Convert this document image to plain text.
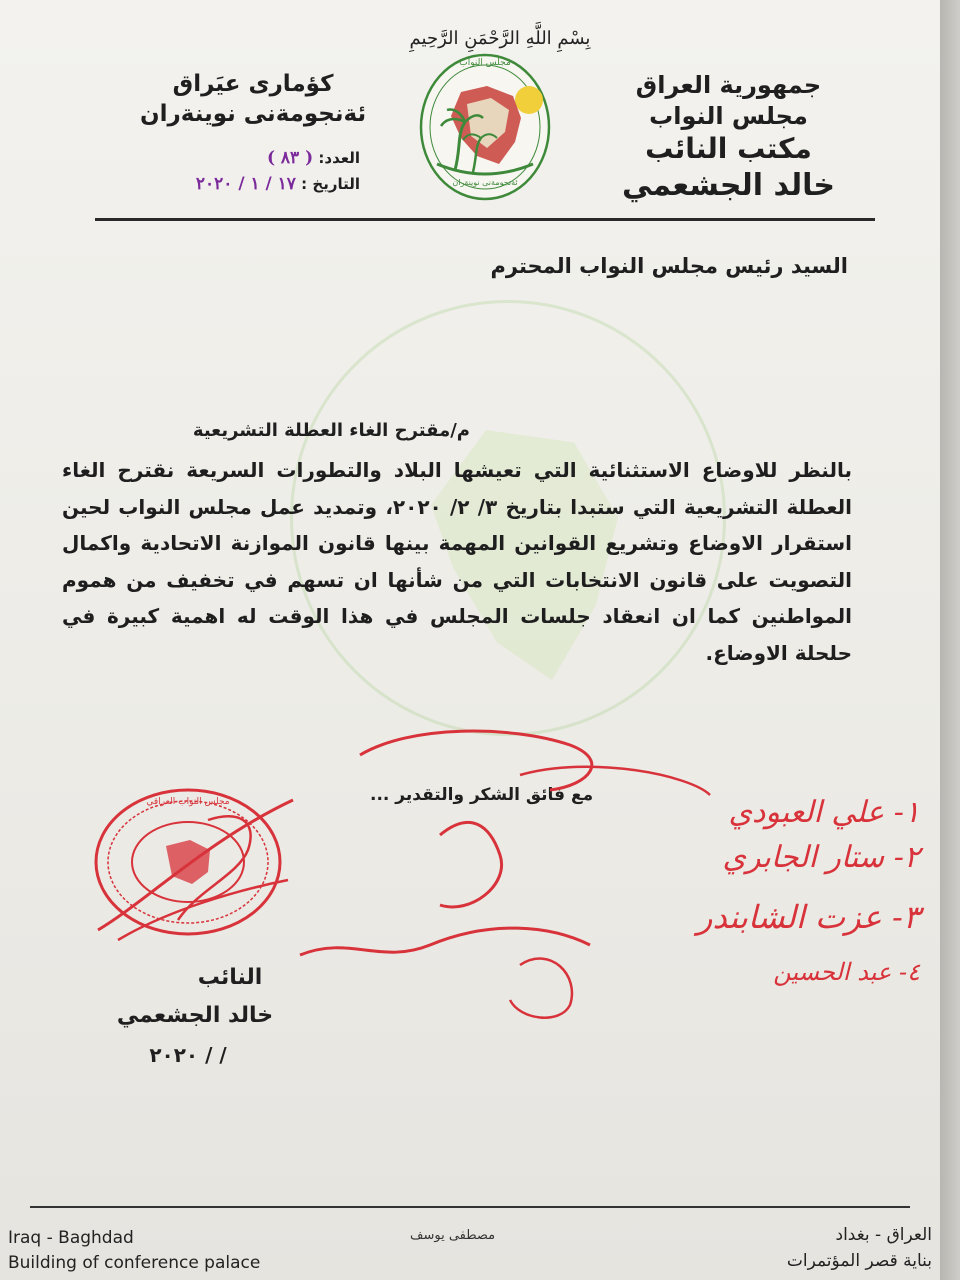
بِسْمِ اللَّهِ الرَّحْمَنِ الرَّحِيمِ
جمهورية العراق
مجلس النواب
مكتب النائب
خالد الجشعمي
مجلس النواب
ئةنجومةنى نوينةران
كؤمارى عيَراق
ئةنجومةنى نوينةران
العدد: ( ٨٣ )
التاريخ : ١٧ / ١ / ٢٠٢٠
السيد رئيس مجلس النواب المحترم
م/مقترح الغاء العطلة التشريعية
بالنظر للاوضاع الاستثنائية التي تعيشها البلاد والتطورات السريعة نقترح الغاء العطلة التشريعية التي ستبدا بتاريخ ٣/ ٢/ ٢٠٢٠، وتمديد عمل مجلس النواب لحين استقرار الاوضاع وتشريع القوانين المهمة بينها قانون الموازنة الاتحادية واكمال التصويت على قانون الانتخابات التي من شأنها ان تسهم في تخفيف من هموم المواطنين كما ان انعقاد جلسات المجلس في هذا الوقت له اهمية كبيرة في حلحلة الاوضاع.
مع فائق الشكر والتقدير ...
مجلس النواب العراقي	١- علي العبودي
٢- ستار الجابري
٣- عزت الشابندر
٤- عبد الحسين
النائب
خالد الجشعمي
/ / ٢٠٢٠
Iraq - Baghdad
Building of conference palace
مصطفى يوسف	العراق - بغداد
بناية قصر المؤتمرات
